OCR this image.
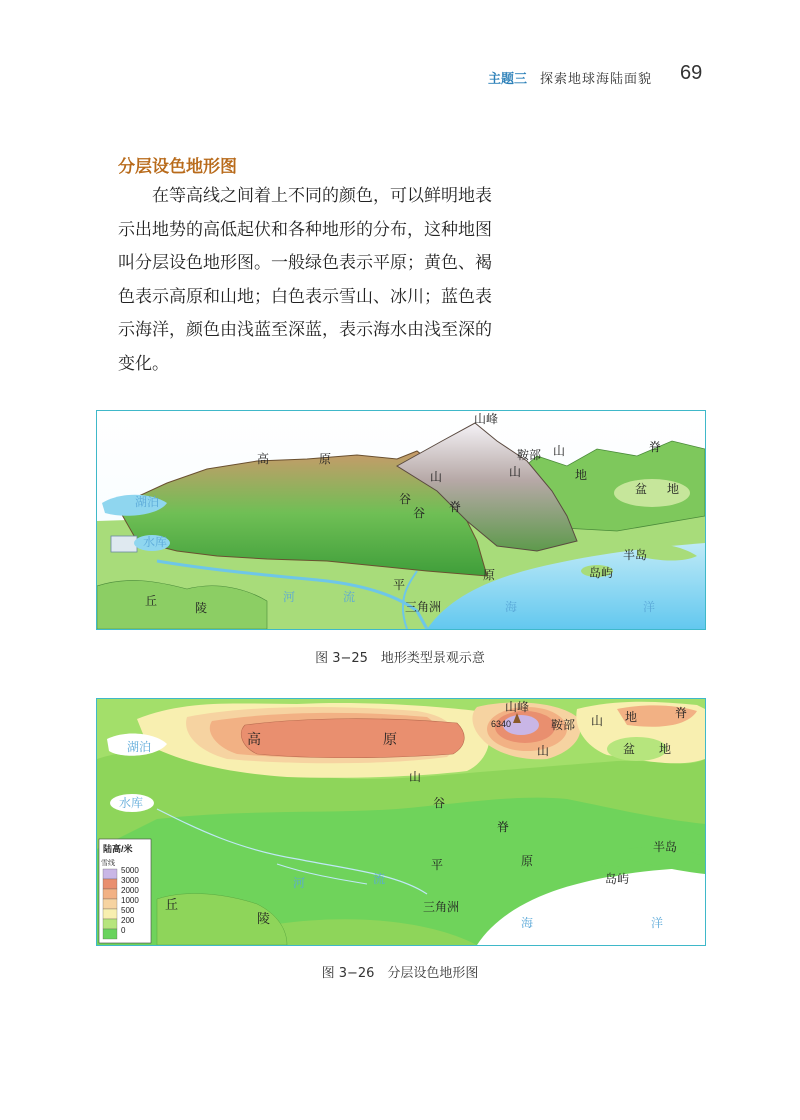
主题三 探索地球海陆面貌 69
分层设色地形图

在等高线之间着上不同的颜色，可以鲜明地表示出地势的高低起伏和各种地形的分布，这种地图叫分层设色地形图。一般绿色表示平原；黄色、褐色表示高原和山地；白色表示雪山、冰川；蓝色表示海洋，颜色由浅蓝至深蓝，表示海水由浅至深的变化。

山峰
高	原	鞍部 山	脊
地
山
盆 地
山
谷
谷 脊
湖泊
水库
平
原
丘	陵
河	流
三角洲	海	洋
半岛
岛屿
图 3−25　地形类型景观示意
陆高/米
雪线
5000
3000
2000
1000
500
200
0
山峰
6340
高	原
鞍部 山 地	脊
盆 地
山
山
谷
脊
湖泊
水库
平	原
丘
陵
河	流
三角洲
海	洋
半岛
岛屿
图 3−26　分层设色地形图
